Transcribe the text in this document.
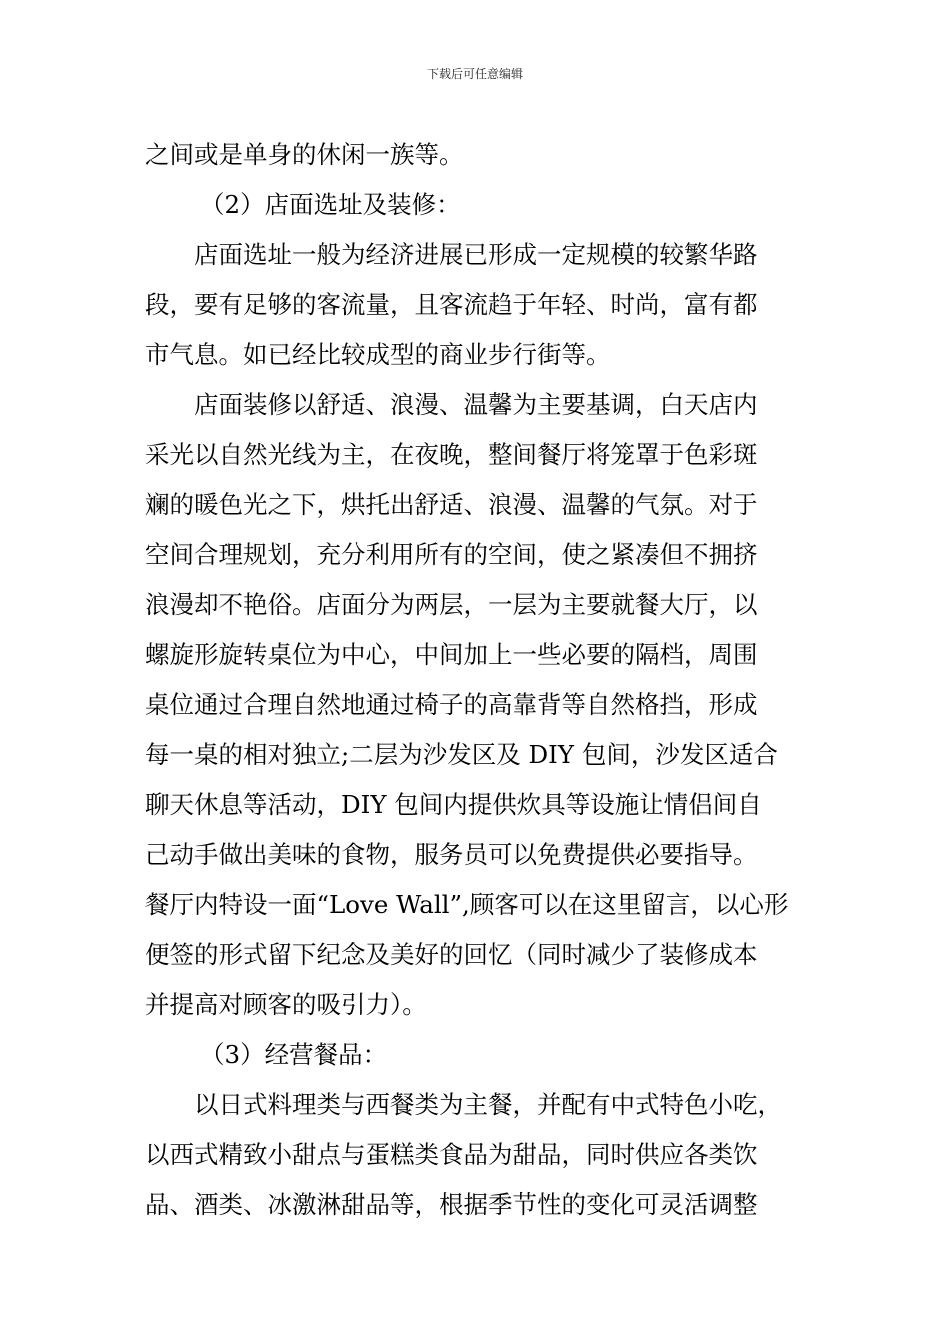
下载后可任意编辑
之间或是单身的休闲一族等。
（2）店面选址及装修：
店面选址一般为经济进展已形成一定规模的较繁华路
段，要有足够的客流量，且客流趋于年轻、时尚，富有都
市气息。如已经比较成型的商业步行街等。
店面装修以舒适、浪漫、温馨为主要基调，白天店内
采光以自然光线为主，在夜晚，整间餐厅将笼罩于色彩斑
斓的暖色光之下，烘托出舒适、浪漫、温馨的气氛。对于
空间合理规划，充分利用所有的空间，使之紧凑但不拥挤
浪漫却不艳俗。店面分为两层，一层为主要就餐大厅，以
螺旋形旋转桌位为中心，中间加上一些必要的隔档，周围
桌位通过合理自然地通过椅子的高靠背等自然格挡，形成
每一桌的相对独立;二层为沙发区及 DIY 包间，沙发区适合
聊天休息等活动，DIY 包间内提供炊具等设施让情侣间自
己动手做出美味的食物，服务员可以免费提供必要指导。
餐厅内特设一面“Love Wall”,顾客可以在这里留言，以心形
便签的形式留下纪念及美好的回忆（同时减少了装修成本
并提高对顾客的吸引力）。
（3）经营餐品：
以日式料理类与西餐类为主餐，并配有中式特色小吃，
以西式精致小甜点与蛋糕类食品为甜品，同时供应各类饮
品、酒类、冰激淋甜品等，根据季节性的变化可灵活调整
